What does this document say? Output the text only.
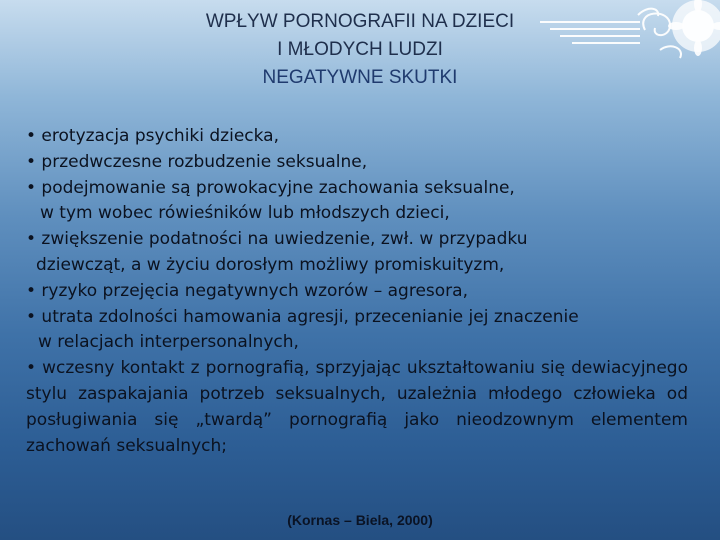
WPŁYW PORNOGRAFII NA DZIECI
I MŁODYCH LUDZI
NEGATYWNE SKUTKI
• erotyzacja psychiki dziecka,
• przedwczesne rozbudzenie seksualne,
• podejmowanie są prowokacyjne zachowania seksualne,
w tym wobec rówieśników lub młodszych dzieci,
• zwiększenie podatności na uwiedzenie, zwł. w przypadku
dziewcząt, a w życiu dorosłym możliwy promiskuityzm,
• ryzyko przejęcia negatywnych wzorów – agresora,
• utrata zdolności hamowania agresji, przecenianie jej znaczenie
w relacjach interpersonalnych,
• wczesny kontakt z pornografią, sprzyjając ukształtowaniu się dewiacyjnego stylu zaspakajania potrzeb seksualnych, uzależnia młodego człowieka od posługiwania się „twardą” pornografią jako nieodzownym elementem zachowań seksualnych;
(Kornas – Biela, 2000)
